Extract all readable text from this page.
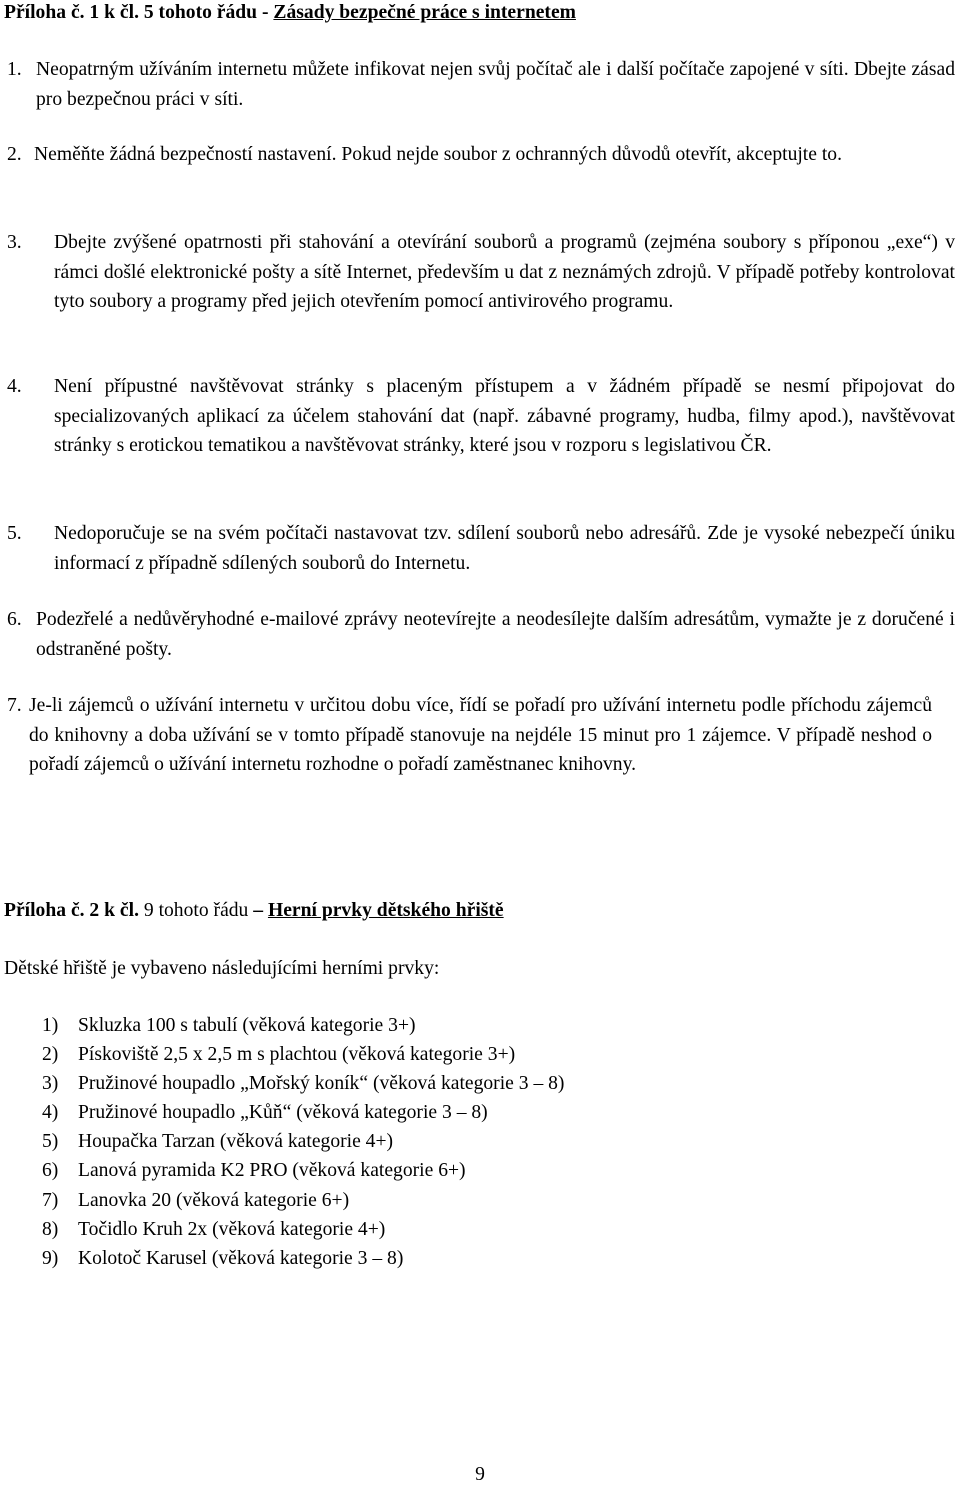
Příloha č. 1 k čl. 5 tohoto řádu - Zásady bezpečné práce s internetem
1. Neopatrným užíváním internetu můžete infikovat nejen svůj počítač ale i další počítače zapojené v síti. Dbejte zásad pro bezpečnou práci v síti.
2. Neměňte žádná bezpečností nastavení. Pokud nejde soubor z ochranných důvodů otevřít, akceptujte to.
3.	Dbejte zvýšené opatrnosti při stahování a otevírání souborů a programů (zejména soubory s příponou „exe“) v rámci došlé elektronické pošty a sítě Internet, především u dat z neznámých zdrojů. V případě potřeby kontrolovat tyto soubory a programy před jejich otevřením pomocí antivirového programu.
4.	Není přípustné navštěvovat stránky s placeným přístupem a v žádném případě se nesmí připojovat do specializovaných aplikací za účelem stahování dat (např. zábavné programy, hudba, filmy apod.), navštěvovat stránky s erotickou tematikou a navštěvovat stránky, které jsou v rozporu s legislativou ČR.
5.	Nedoporučuje se na svém počítači nastavovat tzv. sdílení souborů nebo adresářů. Zde je vysoké nebezpečí úniku informací z případně sdílených souborů do Internetu.
6. Podezřelé a nedůvěryhodné e-mailové zprávy neotevírejte a neodesílejte dalším adresátům, vymažte je z doručené i odstraněné pošty.
7. Je-li zájemců o užívání internetu v určitou dobu více, řídí se pořadí pro užívání internetu podle příchodu zájemců do knihovny a doba užívání se v tomto případě stanovuje na nejdéle 15 minut pro 1 zájemce. V případě neshod o pořadí zájemců o užívání internetu rozhodne o pořadí zaměstnanec knihovny.
Příloha č. 2 k čl. 9 tohoto řádu – Herní prvky dětského hřiště

Dětské hřiště je vybaveno následujícími herními prvky:

1) Skluzka 100 s tabulí (věková kategorie 3+)
2) Pískoviště 2,5 x 2,5 m s plachtou (věková kategorie 3+)
3) Pružinové houpadlo „Mořský koník“ (věková kategorie 3 – 8)
4) Pružinové houpadlo „Kůň“ (věková kategorie 3 – 8)
5) Houpačka Tarzan (věková kategorie 4+)
6) Lanová pyramida K2 PRO (věková kategorie 6+)
7) Lanovka 20 (věková kategorie 6+)
8) Točidlo Kruh 2x (věková kategorie 4+)
9) Kolotoč Karusel (věková kategorie 3 – 8)
9
